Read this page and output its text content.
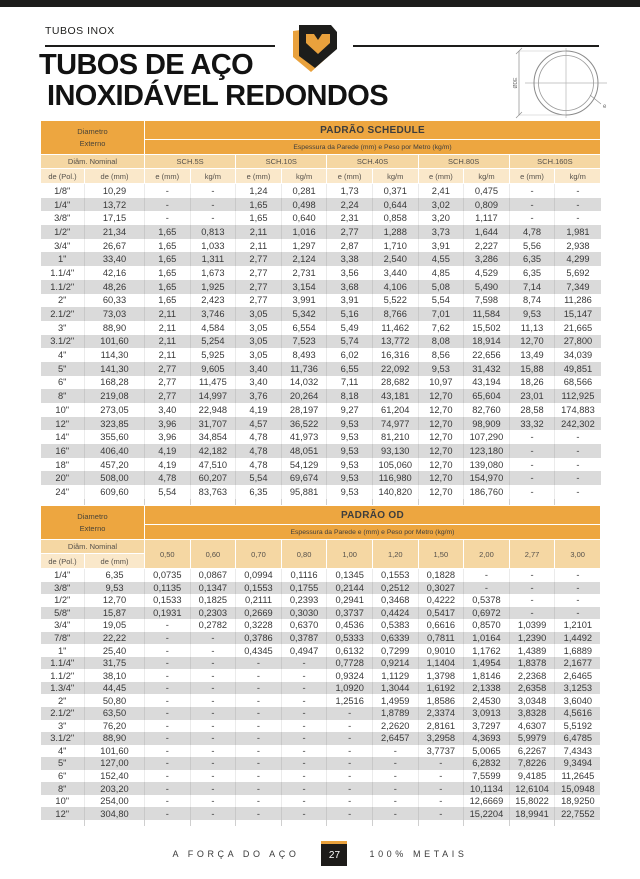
TUBOS INOX
TUBOS DE AÇO
INOXIDÁVEL REDONDOS	ØDE
e
Diametro
Externo		PADRÃO SCHEDULE									
		Espessura da Parede (mm) e Peso por Metro (kg/m)									
Diâm. Nominal		SCH.5S		SCH.10S		SCH.40S		SCH.80S		SCH.160S	
de (Pol.)	de (mm)	e (mm)	kg/m	e (mm)	kg/m	e (mm)	kg/m	e (mm)	kg/m	e (mm)	kg/m
1/8"	10,29	-	-	1,24	0,281	1,73	0,371	2,41	0,475	-	-
1/4"	13,72	-	-	1,65	0,498	2,24	0,644	3,02	0,809	-	-
3/8"	17,15	-	-	1,65	0,640	2,31	0,858	3,20	1,117	-	-
1/2"	21,34	1,65	0,813	2,11	1,016	2,77	1,288	3,73	1,644	4,78	1,981
3/4"	26,67	1,65	1,033	2,11	1,297	2,87	1,710	3,91	2,227	5,56	2,938
1"	33,40	1,65	1,311	2,77	2,124	3,38	2,540	4,55	3,286	6,35	4,299
1.1/4"	42,16	1,65	1,673	2,77	2,731	3,56	3,440	4,85	4,529	6,35	5,692
1.1/2"	48,26	1,65	1,925	2,77	3,154	3,68	4,106	5,08	5,490	7,14	7,349
2"	60,33	1,65	2,423	2,77	3,991	3,91	5,522	5,54	7,598	8,74	11,286
2.1/2"	73,03	2,11	3,746	3,05	5,342	5,16	8,766	7,01	11,584	9,53	15,147
3"	88,90	2,11	4,584	3,05	6,554	5,49	11,462	7,62	15,502	11,13	21,665
3.1/2"	101,60	2,11	5,254	3,05	7,523	5,74	13,772	8,08	18,914	12,70	27,800
4"	114,30	2,11	5,925	3,05	8,493	6,02	16,316	8,56	22,656	13,49	34,039
5"	141,30	2,77	9,605	3,40	11,736	6,55	22,092	9,53	31,432	15,88	49,851
6"	168,28	2,77	11,475	3,40	14,032	7,11	28,682	10,97	43,194	18,26	68,566
8"	219,08	2,77	14,997	3,76	20,264	8,18	43,181	12,70	65,604	23,01	112,925
10"	273,05	3,40	22,948	4,19	28,197	9,27	61,204	12,70	82,760	28,58	174,883
12"	323,85	3,96	31,707	4,57	36,522	9,53	74,977	12,70	98,909	33,32	242,302
14"	355,60	3,96	34,854	4,78	41,973	9,53	81,210	12,70	107,290	-	-
16"	406,40	4,19	42,182	4,78	48,051	9,53	93,130	12,70	123,180	-	-
18"	457,20	4,19	47,510	4,78	54,129	9,53	105,060	12,70	139,080	-	-
20"	508,00	4,78	60,207	5,54	69,674	9,53	116,980	12,70	154,970	-	-
24"	609,60	5,54	83,763	6,35	95,881	9,53	140,820	12,70	186,760	-	-

Diametro
Externo		PADRÃO OD									
		Espessura da Parede e (mm) e Peso por Metro (kg/m)									
Diâm. Nominal		0,50	0,60	0,70	0,80	1,00	1,20	1,50	2,00	2,77	3,00
de (Pol.)	de (mm)										
1/4"	6,35	0,0735	0,0867	0,0994	0,1116	0,1345	0,1553	0,1828	-	-	-
3/8"	9,53	0,1135	0,1347	0,1553	0,1755	0,2144	0,2512	0,3027	-	-	-
1/2"	12,70	0,1533	0,1825	0,2111	0,2393	0,2941	0,3468	0,4222	0,5378	-	-
5/8"	15,87	0,1931	0,2303	0,2669	0,3030	0,3737	0,4424	0,5417	0,6972	-	-
3/4"	19,05	-	0,2782	0,3228	0,6370	0,4536	0,5383	0,6616	0,8570	1,0399	1,2101
7/8"	22,22	-	-	0,3786	0,3787	0,5333	0,6339	0,7811	1,0164	1,2390	1,4492
1"	25,40	-	-	0,4345	0,4947	0,6132	0,7299	0,9010	1,1762	1,4389	1,6889
1.1/4"	31,75	-	-	-	-	0,7728	0,9214	1,1404	1,4954	1,8378	2,1677
1.1/2"	38,10	-	-	-	-	0,9324	1,1129	1,3798	1,8146	2,2368	2,6465
1.3/4"	44,45	-	-	-	-	1,0920	1,3044	1,6192	2,1338	2,6358	3,1253
2"	50,80	-	-	-	-	1,2516	1,4959	1,8586	2,4530	3,0348	3,6040
2.1/2"	63,50	-	-	-	-	-	1,8789	2,3374	3,0913	3,8328	4,5616
3"	76,20	-	-	-	-	-	2,2620	2,8161	3,7297	4,6307	5,5192
3.1/2"	88,90	-	-	-	-	-	2,6457	3,2958	4,3693	5,9979	6,4785
4"	101,60	-	-	-	-	-	-	3,7737	5,0065	6,2267	7,4343
5"	127,00	-	-	-	-	-	-	-	6,2832	7,8226	9,3494
6"	152,40	-	-	-	-	-	-	-	7,5599	9,4185	11,2645
8"	203,20	-	-	-	-	-	-	-	10,1134	12,6104	15,0948
10"	254,00	-	-	-	-	-	-	-	12,6669	15,8022	18,9250
12"	304,80	-	-	-	-	-	-	-	15,2204	18,9941	22,7552

A FORÇA DO AÇO	27	100% METAIS
